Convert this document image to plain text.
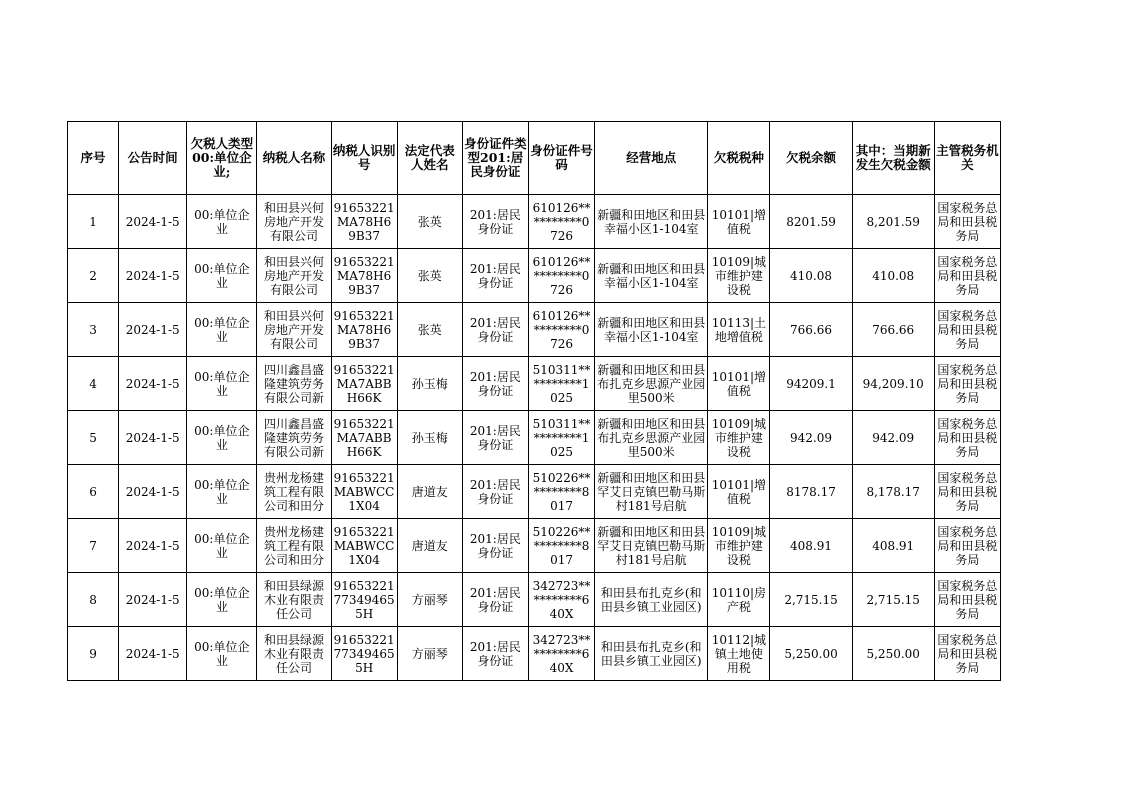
序号	公告时间	欠税人类型00:单位企业;	纳税人名称	纳税人识别号	法定代表人姓名	身份证件类型201:居民身份证	身份证件号码	经营地点	欠税税种	欠税余额	其中：当期新发生欠税金额	主管税务机关

1	2024-1-5	00:单位企业	和田县兴何房地产开发有限公司	91653221MA78H69B37	张英	201:居民身份证	610126**********0726	新疆和田地区和田县幸福小区1-104室	10101|增值税	8201.59	8,201.59	国家税务总局和田县税务局

2	2024-1-5	00:单位企业	和田县兴何房地产开发有限公司	91653221MA78H69B37	张英	201:居民身份证	610126**********0726	新疆和田地区和田县幸福小区1-104室	10109|城市维护建设税	410.08	410.08	国家税务总局和田县税务局

3	2024-1-5	00:单位企业	和田县兴何房地产开发有限公司	91653221MA78H69B37	张英	201:居民身份证	610126**********0726	新疆和田地区和田县幸福小区1-104室	10113|土地增值税	766.66	766.66	国家税务总局和田县税务局

4	2024-1-5	00:单位企业	四川鑫昌盛隆建筑劳务有限公司新	91653221MA7ABBH66K	孙玉梅	201:居民身份证	510311**********1025	新疆和田地区和田县布扎克乡思源产业园里500米	10101|增值税	94209.1	94,209.10	国家税务总局和田县税务局

5	2024-1-5	00:单位企业	四川鑫昌盛隆建筑劳务有限公司新	91653221MA7ABBH66K	孙玉梅	201:居民身份证	510311**********1025	新疆和田地区和田县布扎克乡思源产业园里500米	10109|城市维护建设税	942.09	942.09	国家税务总局和田县税务局

6	2024-1-5	00:单位企业	贵州龙杨建筑工程有限公司和田分	91653221MABWCC1X04	唐道友	201:居民身份证	510226**********8017	新疆和田地区和田县罕艾日克镇巴勒马斯村181号启航	10101|增值税	8178.17	8,178.17	国家税务总局和田县税务局

7	2024-1-5	00:单位企业	贵州龙杨建筑工程有限公司和田分	91653221MABWCC1X04	唐道友	201:居民身份证	510226**********8017	新疆和田地区和田县罕艾日克镇巴勒马斯村181号启航	10109|城市维护建设税	408.91	408.91	国家税务总局和田县税务局

8	2024-1-5	00:单位企业	和田县绿源木业有限责任公司	91653221773494655H	方丽琴	201:居民身份证	342723**********640X	和田县布扎克乡(和田县乡镇工业园区)	10110|房产税	2,715.15	2,715.15	国家税务总局和田县税务局

9	2024-1-5	00:单位企业	和田县绿源木业有限责任公司	91653221773494655H	方丽琴	201:居民身份证	342723**********640X	和田县布扎克乡(和田县乡镇工业园区)	10112|城镇土地使用税	5,250.00	5,250.00	国家税务总局和田县税务局
